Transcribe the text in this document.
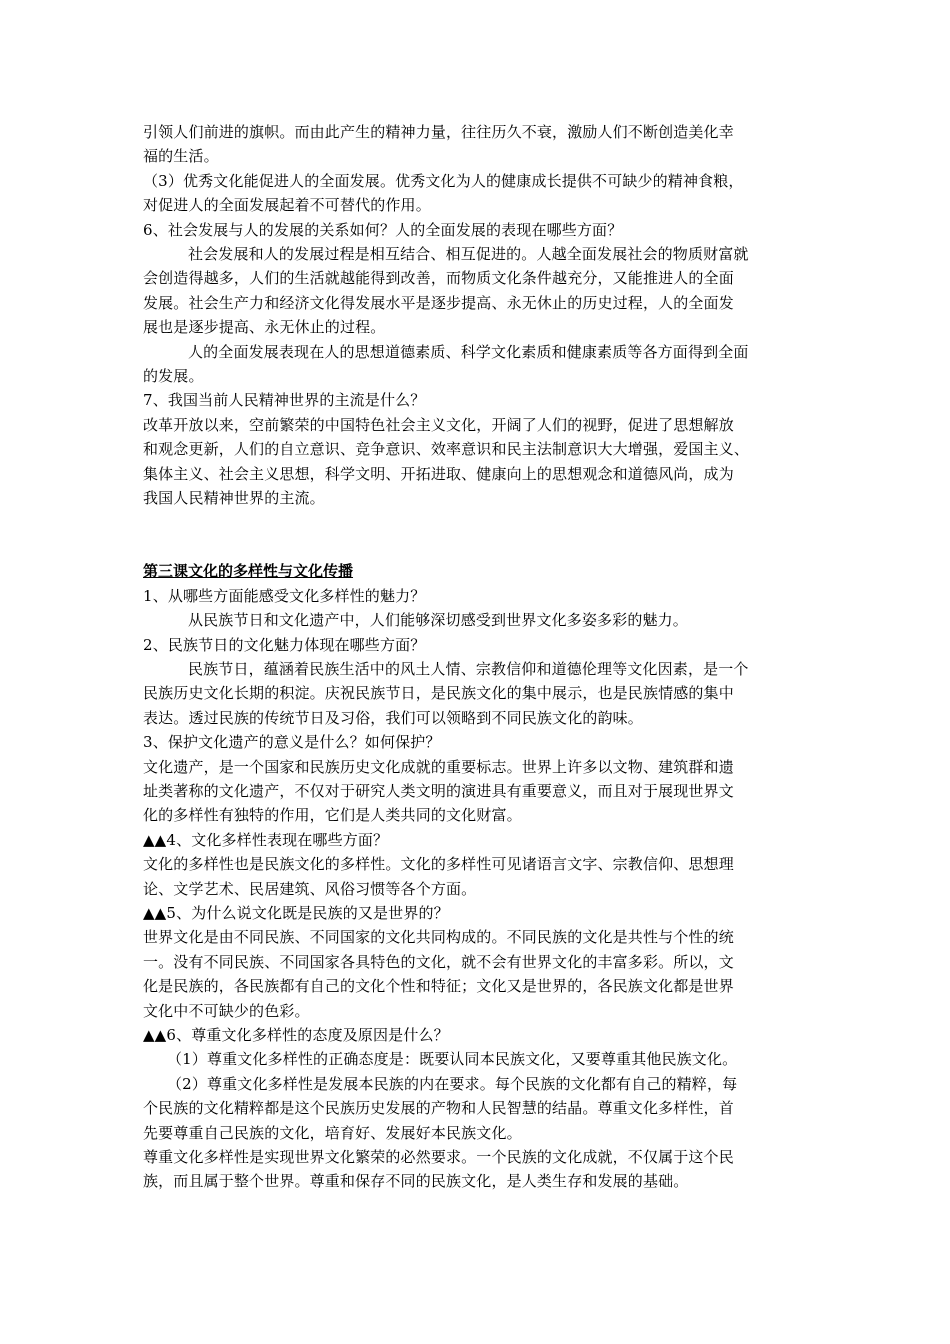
引领人们前进的旗帜。而由此产生的精神力量，往往历久不衰，激励人们不断创造美化幸
福的生活。
（3）优秀文化能促进人的全面发展。优秀文化为人的健康成长提供不可缺少的精神食粮，
对促进人的全面发展起着不可替代的作用。
6、社会发展与人的发展的关系如何？人的全面发展的表现在哪些方面？
社会发展和人的发展过程是相互结合、相互促进的。人越全面发展社会的物质财富就
会创造得越多，人们的生活就越能得到改善，而物质文化条件越充分，又能推进人的全面
发展。社会生产力和经济文化得发展水平是逐步提高、永无休止的历史过程，人的全面发
展也是逐步提高、永无休止的过程。
人的全面发展表现在人的思想道德素质、科学文化素质和健康素质等各方面得到全面
的发展。
7、我国当前人民精神世界的主流是什么？
改革开放以来，空前繁荣的中国特色社会主义文化，开阔了人们的视野，促进了思想解放
和观念更新，人们的自立意识、竞争意识、效率意识和民主法制意识大大增强，爱国主义、
集体主义、社会主义思想，科学文明、开拓进取、健康向上的思想观念和道德风尚，成为
我国人民精神世界的主流。
第三课文化的多样性与文化传播
1、从哪些方面能感受文化多样性的魅力？
从民族节日和文化遗产中，人们能够深切感受到世界文化多姿多彩的魅力。
2、民族节日的文化魅力体现在哪些方面？
民族节日，蕴涵着民族生活中的风土人情、宗教信仰和道德伦理等文化因素，是一个
民族历史文化长期的积淀。庆祝民族节日，是民族文化的集中展示，也是民族情感的集中
表达。透过民族的传统节日及习俗，我们可以领略到不同民族文化的韵味。
3、保护文化遗产的意义是什么？如何保护？
文化遗产，是一个国家和民族历史文化成就的重要标志。世界上许多以文物、建筑群和遗
址类著称的文化遗产，不仅对于研究人类文明的演进具有重要意义，而且对于展现世界文
化的多样性有独特的作用，它们是人类共同的文化财富。
▲▲4、文化多样性表现在哪些方面？
文化的多样性也是民族文化的多样性。文化的多样性可见诸语言文字、宗教信仰、思想理
论、文学艺术、民居建筑、风俗习惯等各个方面。
▲▲5、为什么说文化既是民族的又是世界的？
世界文化是由不同民族、不同国家的文化共同构成的。不同民族的文化是共性与个性的统
一。没有不同民族、不同国家各具特色的文化，就不会有世界文化的丰富多彩。所以，文
化是民族的，各民族都有自己的文化个性和特征；文化又是世界的，各民族文化都是世界
文化中不可缺少的色彩。
▲▲6、尊重文化多样性的态度及原因是什么？
（1）尊重文化多样性的正确态度是：既要认同本民族文化，又要尊重其他民族文化。
（2）尊重文化多样性是发展本民族的内在要求。每个民族的文化都有自己的精粹，每
个民族的文化精粹都是这个民族历史发展的产物和人民智慧的结晶。尊重文化多样性，首
先要尊重自己民族的文化，培育好、发展好本民族文化。
尊重文化多样性是实现世界文化繁荣的必然要求。一个民族的文化成就，不仅属于这个民
族，而且属于整个世界。尊重和保存不同的民族文化，是人类生存和发展的基础。
